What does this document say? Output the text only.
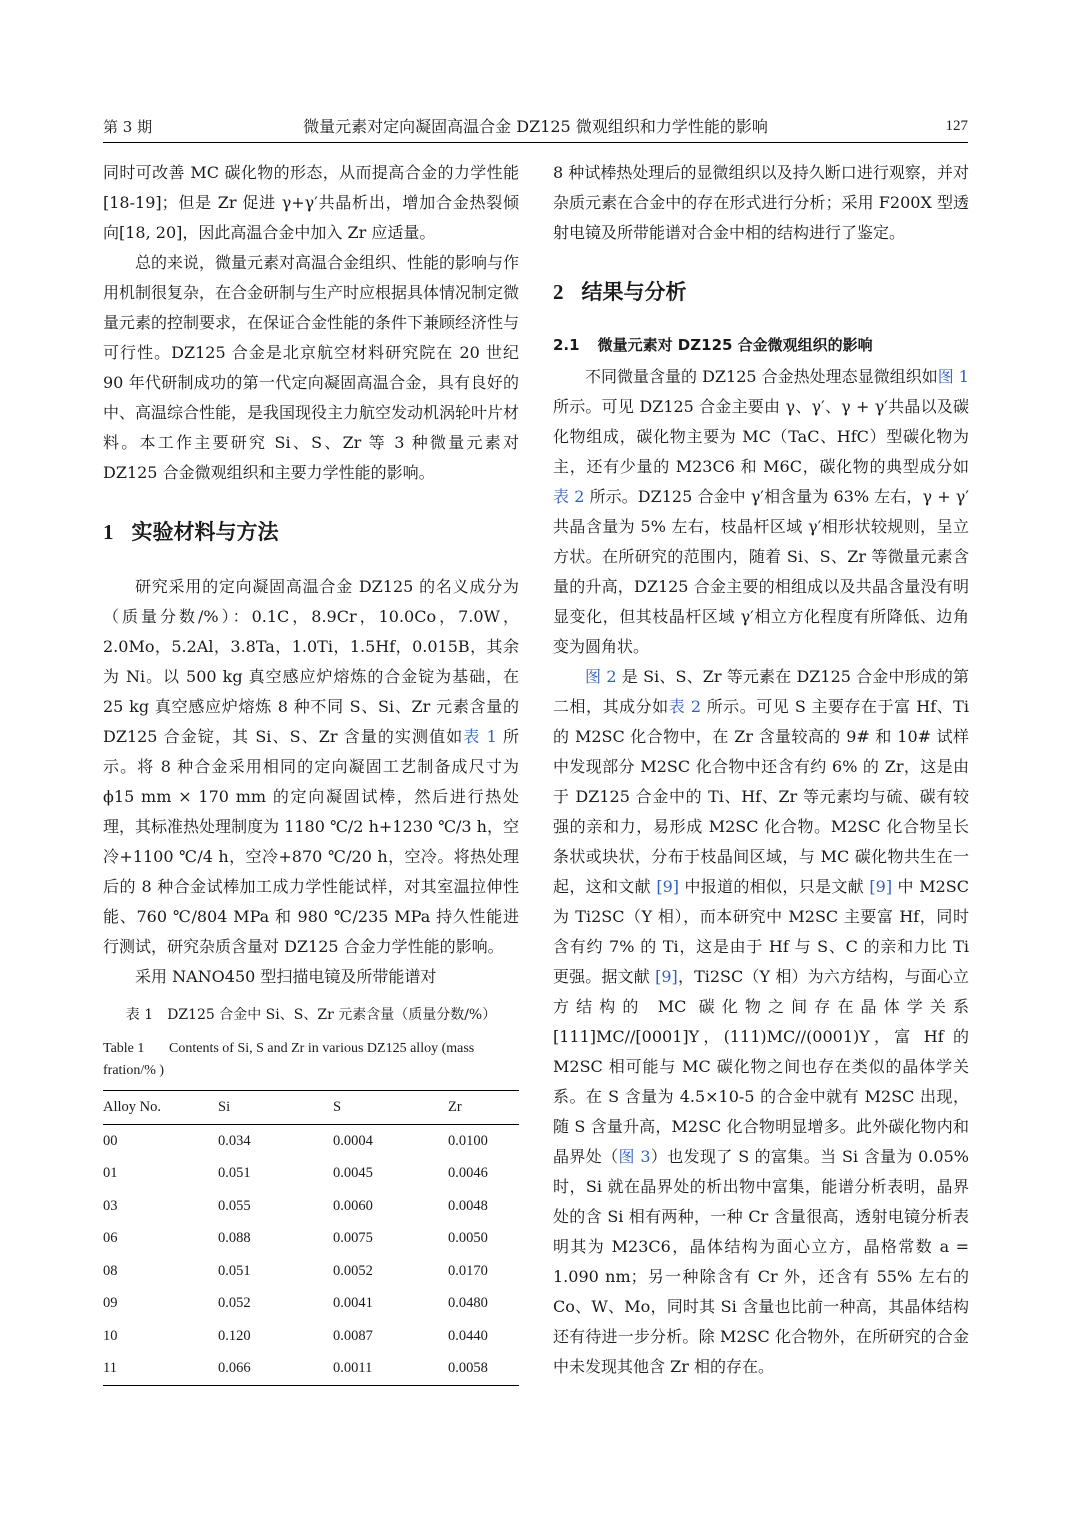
第 3 期	微量元素对定向凝固高温合金 DZ125 微观组织和力学性能的影响	127

同时可改善 MC 碳化物的形态，从而提高合金的力学性能[18-19]；但是 Zr 促进 γ+γ′共晶析出，增加合金热裂倾向[18, 20]，因此高温合金中加入 Zr 应适量。

总的来说，微量元素对高温合金组织、性能的影响与作用机制很复杂，在合金研制与生产时应根据具体情况制定微量元素的控制要求，在保证合金性能的条件下兼顾经济性与可行性。DZ125 合金是北京航空材料研究院在 20 世纪 90 年代研制成功的第一代定向凝固高温合金，具有良好的中、高温综合性能，是我国现役主力航空发动机涡轮叶片材料。本工作主要研究 Si、S、Zr 等 3 种微量元素对 DZ125 合金微观组织和主要力学性能的影响。

1 实验材料与方法

研究采用的定向凝固高温合金 DZ125 的名义成分为（质量分数/%）：0.1C，8.9Cr，10.0Co，7.0W，2.0Mo，5.2Al，3.8Ta，1.0Ti，1.5Hf，0.015B，其余为 Ni。以 500 kg 真空感应炉熔炼的合金锭为基础，在 25 kg 真空感应炉熔炼 8 种不同 S、Si、Zr 元素含量的 DZ125 合金锭，其 Si、S、Zr 含量的实测值如表 1 所示。将 8 种合金采用相同的定向凝固工艺制备成尺寸为 ϕ15 mm × 170 mm 的定向凝固试棒，然后进行热处理，其标准热处理制度为 1180 ℃/2 h+1230 ℃/3 h，空冷+1100 ℃/4 h，空冷+870 ℃/20 h，空冷。将热处理后的 8 种合金试棒加工成力学性能试样，对其室温拉伸性能、760 ℃/804 MPa 和 980 ℃/235 MPa 持久性能进行测试，研究杂质含量对 DZ125 合金力学性能的影响。

采用 NANO450 型扫描电镜及所带能谱对

表 1　DZ125 合金中 Si、S、Zr 元素含量（质量分数/%）
Table 1 Contents of Si, S and Zr in various DZ125 alloy (mass fration/% )
Alloy No.	Si	S	Zr
00	0.034	0.0004	0.0100
01	0.051	0.0045	0.0046
03	0.055	0.0060	0.0048
06	0.088	0.0075	0.0050
08	0.051	0.0052	0.0170
09	0.052	0.0041	0.0480
10	0.120	0.0087	0.0440
11	0.066	0.0011	0.0058

8 种试棒热处理后的显微组织以及持久断口进行观察，并对杂质元素在合金中的存在形式进行分析；采用 F200X 型透射电镜及所带能谱对合金中相的结构进行了鉴定。

2 结果与分析
2.1 微量元素对 DZ125 合金微观组织的影响

不同微量含量的 DZ125 合金热处理态显微组织如图 1 所示。可见 DZ125 合金主要由 γ、γ′、γ + γ′共晶以及碳化物组成，碳化物主要为 MC（TaC、HfC）型碳化物为主，还有少量的 M23C6 和 M6C，碳化物的典型成分如表 2 所示。DZ125 合金中 γ′相含量为 63% 左右，γ + γ′共晶含量为 5% 左右，枝晶杆区域 γ′相形状较规则，呈立方状。在所研究的范围内，随着 Si、S、Zr 等微量元素含量的升高，DZ125 合金主要的相组成以及共晶含量没有明显变化，但其枝晶杆区域 γ′相立方化程度有所降低、边角变为圆角状。

图 2 是 Si、S、Zr 等元素在 DZ125 合金中形成的第二相，其成分如表 2 所示。可见 S 主要存在于富 Hf、Ti 的 M2SC 化合物中，在 Zr 含量较高的 9# 和 10# 试样中发现部分 M2SC 化合物中还含有约 6% 的 Zr，这是由于 DZ125 合金中的 Ti、Hf、Zr 等元素均与硫、碳有较强的亲和力，易形成 M2SC 化合物。M2SC 化合物呈长条状或块状，分布于枝晶间区域，与 MC 碳化物共生在一起，这和文献 [9] 中报道的相似，只是文献 [9] 中 M2SC 为 Ti2SC（Y 相），而本研究中 M2SC 主要富 Hf，同时含有约 7% 的 Ti，这是由于 Hf 与 S、C 的亲和力比 Ti 更强。据文献 [9]，Ti2SC（Y 相）为六方结构，与面心立方结构的 MC 碳化物之间存在晶体学关系 [111]MC//[0001]Y，(111)MC//(0001)Y，富 Hf 的 M2SC 相可能与 MC 碳化物之间也存在类似的晶体学关系。在 S 含量为 4.5×10-5 的合金中就有 M2SC 出现，随 S 含量升高，M2SC 化合物明显增多。此外碳化物内和晶界处（图 3）也发现了 S 的富集。当 Si 含量为 0.05% 时，Si 就在晶界处的析出物中富集，能谱分析表明，晶界处的含 Si 相有两种，一种 Cr 含量很高，透射电镜分析表明其为 M23C6，晶体结构为面心立方，晶格常数 a = 1.090 nm；另一种除含有 Cr 外，还含有 55% 左右的 Co、W、Mo，同时其 Si 含量也比前一种高，其晶体结构还有待进一步分析。除 M2SC 化合物外，在所研究的合金中未发现其他含 Zr 相的存在。
